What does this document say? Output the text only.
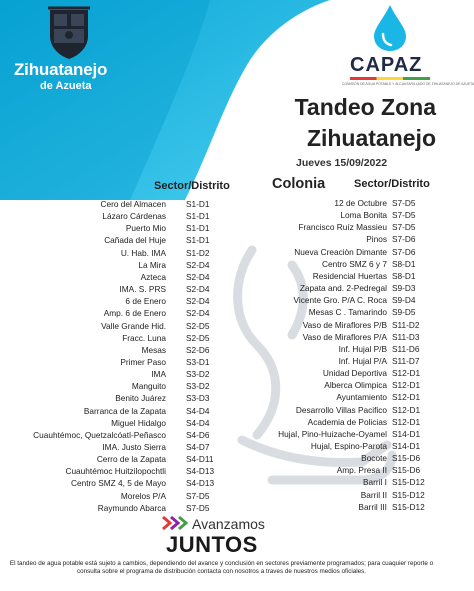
Zihuatanejo
de Azueta
CAPAZ
COMISIÓN DE AGUA POTABLE Y ALCANTARILLADO DE ZIHUATANEJO DE AZUETA
Tandeo Zona
Zihuatanejo
Jueves 15/09/2022
Sector/Distrito	Colonia	Sector/Distrito
Cero del Almacen S1-D1
Lázaro Cárdenas S1-D1
Puerto Mio S1-D1
Cañada del Huje S1-D1
U. Hab. IMA S1-D2
La Mira S2-D4
Azteca S2-D4
IMA. S. PRS S2-D4
6 de Enero S2-D4
Amp. 6 de Enero S2-D4
Valle Grande Hid. S2-D5
Fracc. Luna S2-D5
Mesas S2-D6
Primer Paso S3-D1
IMA S3-D2
Manguito S3-D2
Benito Juárez S3-D3
Barranca de la Zapata S4-D4
Miguel Hidalgo S4-D4
Cuauhtémoc, Quetzalcóatl-Peñasco S4-D6
IMA. Justo Sierra S4-D7
Cerro de la Zapata S4-D11
Cuauhtémoc Huitzilopochtli S4-D13
Centro SMZ 4, 5 de Mayo S4-D13
Morelos P/A S7-D5
Raymundo Abarca S7-D5
12 de Octubre S7-D5
Loma Bonita S7-D5
Francisco Ruíz Massieu S7-D5
Pinos S7-D6
Nueva Creaciòn Dimante S7-D6
Centro SMZ 6 y 7 S8-D1
Residencial Huertas S8-D1
Zapata and. 2-Pedregal S9-D3
Vicente Gro. P/A C. Roca S9-D4
Mesas C . Tamarindo S9-D5
Vaso de Miraflores P/B S11-D2
Vaso de Miraflores P/A S11-D3
Inf. Hujal P/B S11-D6
Inf. Hujal P/A S11-D7
Unidad Deportiva S12-D1
Alberca Olimpica S12-D1
Ayuntamiento S12-D1
Desarrollo Villas Pacifico S12-D1
Academia de Policias S12-D1
Hujal, Pino-Huizache-Oyamel S14-D1
Hujal, Espino-Parota S14-D1
Bocote S15-D6
Amp. Presa II S15-D6
Barril I S15-D12
Barril II S15-D12
Barril III S15-D12
Avanzamos
JUNTOS
El tandeo de agua potable está sujeto a cambios, dependiendo del avance y conclusión en sectores previamente programados; para cuaquier reporte o consulta sobre el programa de distribución contacta con nosotros a traves de nuestros medios oficiales.
